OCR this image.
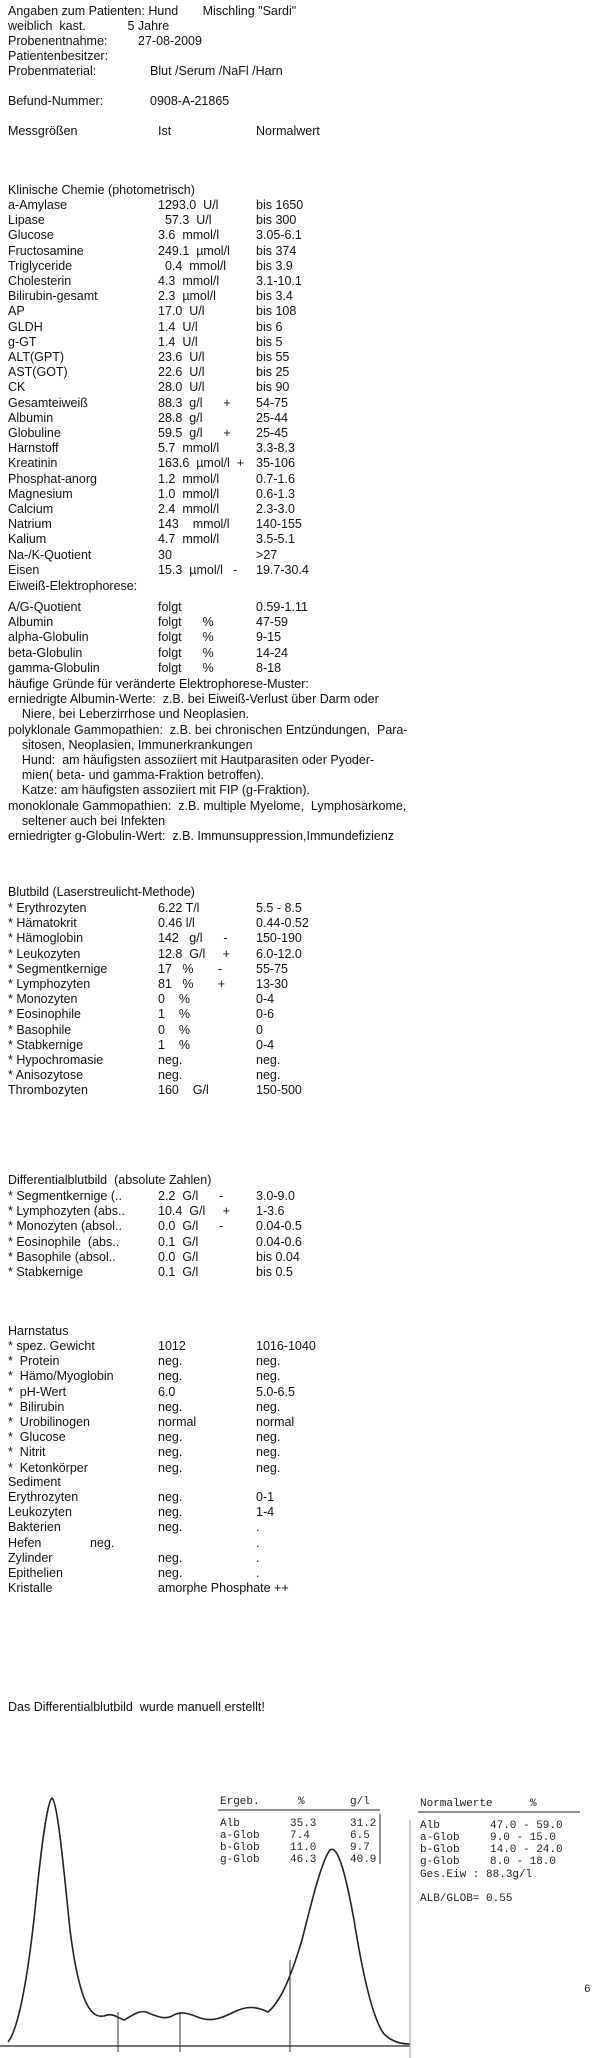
Angaben zum Patienten: Hund       Mischling "Sardi"
weiblich  kast.            5 Jahre
Probenentnahme: 27-08-2009
Patientenbesitzer:
Probenmaterial:	Blut /Serum /NaFl /Harn
Befund-Nummer:	0908-A-21865
Messgrößen	Ist	Normalwert
Klinische Chemie (photometrisch)
a-Amylase	1293.0  U/l	bis 1650
Lipase	57.3  U/l	bis 300
Glucose	3.6  mmol/l	3.05-6.1
Fructosamine	249.1  µmol/l bis 374
Triglyceride	0.4  mmol/l bis 3.9
Cholesterin	4.3  mmol/l	3.1-10.1
Bilirubin-gesamt	2.3  µmol/l	bis 3.4
AP	17.0  U/l	bis 108
GLDH	1.4  U/l	bis 6
g-GT	1.4  U/l	bis 5
ALT(GPT)	23.6  U/l	bis 55
AST(GOT)	22.6  U/l	bis 25
CK	28.0  U/l	bis 90
Gesamteiweiß	88.3  g/l      + 54-75
Albumin	28.8  g/l	25-44
Globuline	59.5  g/l      + 25-45
Harnstoff	5.7  mmol/l	3.3-8.3
Kreatinin	163.6  µmol/l  + 35-106
Phosphat-anorg	1.2  mmol/l	0.7-1.6
Magnesium	1.0  mmol/l	0.6-1.3
Calcium	2.4  mmol/l	2.3-3.0
Natrium	143    mmol/l 140-155
Kalium	4.7  mmol/l	3.5-5.1
Na-/K-Quotient	30	>27
Eisen	15.3  µmol/l   - 19.7-30.4
Eiweiß-Elektrophorese:
A/G-Quotient	folgt	0.59-1.11
Albumin	folgt      %	47-59
alpha-Globulin	folgt      %	9-15
beta-Globulin	folgt      %	14-24
gamma-Globulin	folgt      %	8-18
häufige Gründe für veränderte Elektrophorese-Muster:
erniedrigte Albumin-Werte:  z.B. bei Eiweiß-Verlust über Darm oder
Niere, bei Leberzirrhose und Neoplasien.
polyklonale Gammopathien:  z.B. bei chronischen Entzündungen,  Para-
sitosen, Neoplasien, Immunerkrankungen
Hund:  am häufigsten assoziiert mit Hautparasiten oder Pyoder-
mien( beta- und gamma-Fraktion betroffen).
Katze: am häufigsten assoziiert mit FIP (g-Fraktion).
monoklonale Gammopathien:  z.B. multiple Myelome,  Lymphosarkome,
seltener auch bei Infekten
erniedrigter g-Globulin-Wert:  z.B. Immunsuppression,Immundefizienz
Blutbild (Laserstreulicht-Methode)
* Erythrozyten	6.22 T/l	5.5 - 8.5
* Hämatokrit	0.46 l/l	0.44-0.52
* Hämoglobin	142   g/l      - 150-190
* Leukozyten	12.8  G/l     + 6.0-12.0
* Segmentkernige	17   %       -	55-75
* Lymphozyten	81   %       + 13-30
* Monozyten	0    %	0-4
* Eosinophile	1    %	0-6
* Basophile	0    %	0
* Stabkernige	1    %	0-4
* Hypochromasie	neg.	neg.
* Anisozytose	neg.	neg.
Thrombozyten	160    G/l	150-500
Differentialblutbild  (absolute Zahlen)
* Segmentkernige (..	2.2  G/l      -	3.0-9.0
* Lymphozyten (abs..	10.4  G/l     + 1-3.6
* Monozyten (absol..	0.0  G/l      -	0.04-0.5
* Eosinophile  (abs..	0.1  G/l	0.04-0.6
* Basophile (absol..	0.0  G/l	bis 0.04
* Stabkernige	0.1  G/l	bis 0.5
Harnstatus
* spez. Gewicht	1012	1016-1040
*  Protein	neg.	neg.
*  Hämo/Myoglobin	neg.	neg.
*  pH-Wert	6.0	5.0-6.5
*  Bilirubin	neg.	neg.
*  Urobilinogen	normal	normal
*  Glucose	neg.	neg.
*  Nitrit	neg.	neg.
*  Ketonkörper	neg.	neg.
Sediment
Erythrozyten	neg.	0-1
Leukozyten	neg.	1-4
Bakterien	neg.	.
Hefen              neg.	.
Zylinder	neg.	.
Epithelien	neg.	.
Kristalle	amorphe Phosphate ++
Das Differentialblutbild  wurde manuell erstellt!
Ergeb.	%	g/l
Alb	35.3	31.2
a-Glob	7.4	6.5
b-Glob	11.0	9.7
g-Glob	46.3	40.9
Normalwerte	%
Alb	47.0 - 59.0
a-Glob	9.0 - 15.0
b-Glob	14.0 - 24.0
g-Glob	8.0 - 18.0
Ges.Eiw : 88.3g/l
ALB/GLOB= 0.55
6
